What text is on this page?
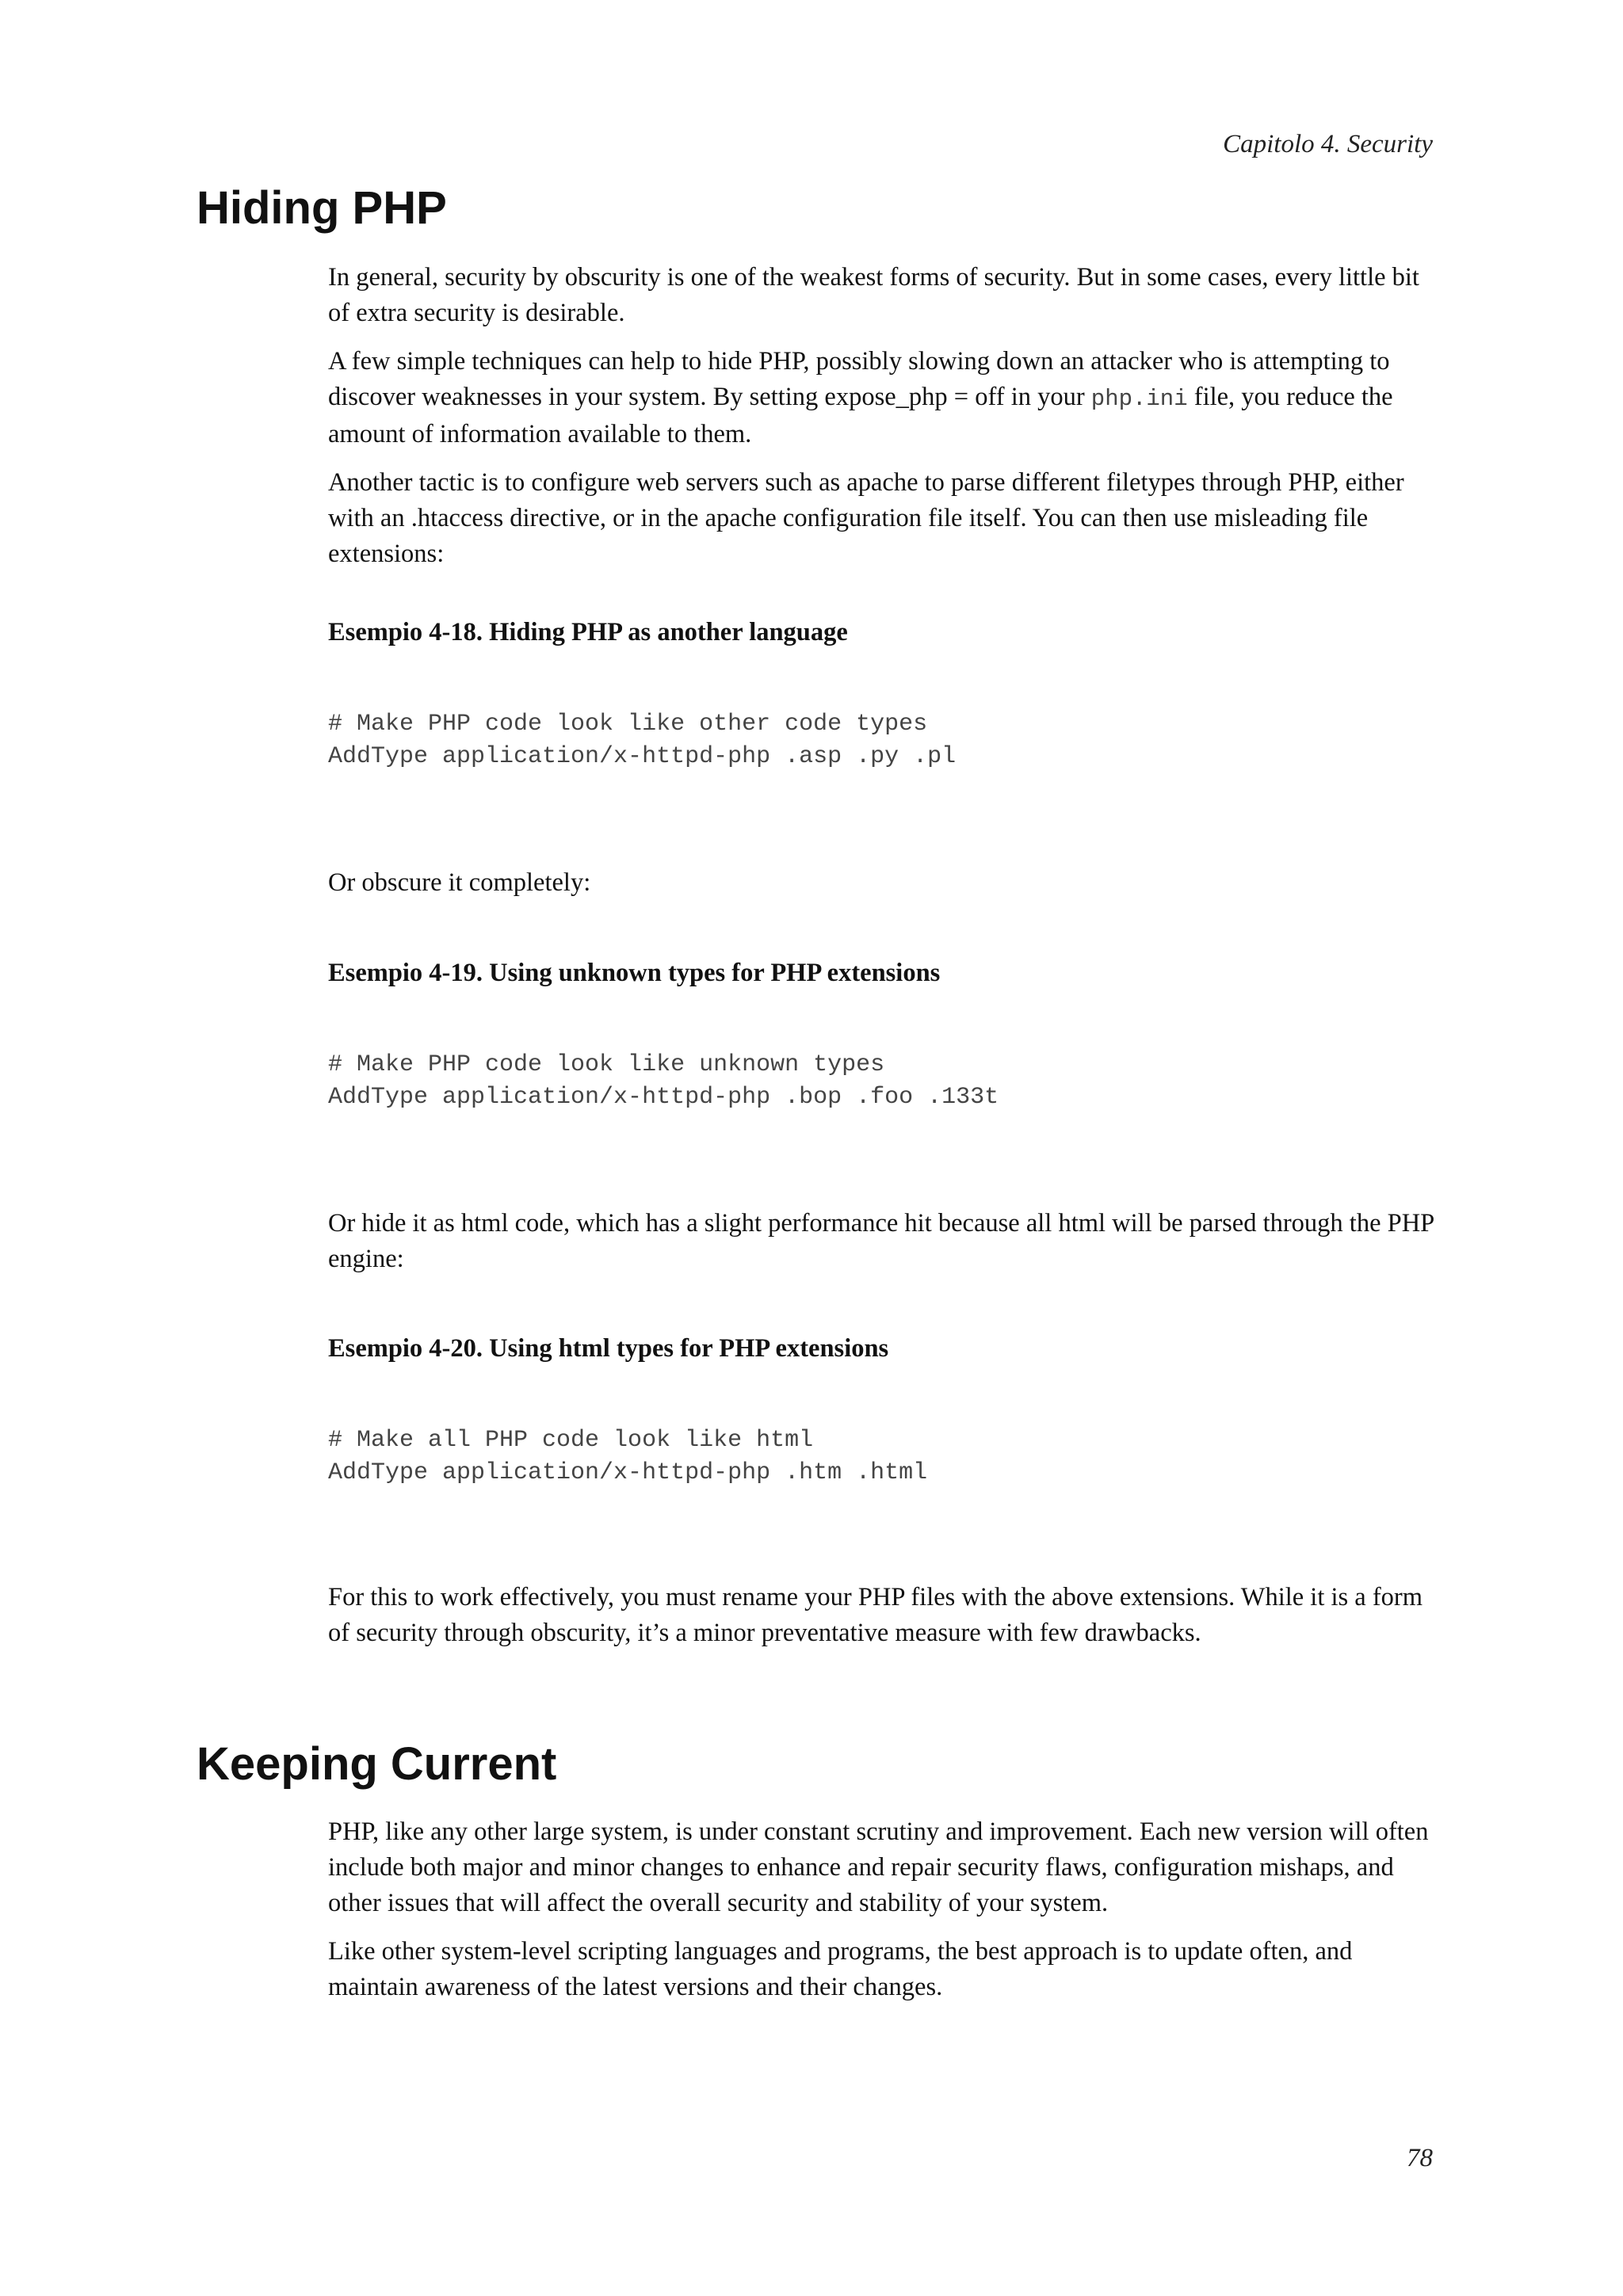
Capitolo 4. Security
Hiding PHP

In general, security by obscurity is one of the weakest forms of security. But in some cases, every little bit of extra security is desirable.

A few simple techniques can help to hide PHP, possibly slowing down an attacker who is attempting to discover weaknesses in your system. By setting expose_php = off in your php.ini file, you reduce the amount of information available to them.

Another tactic is to configure web servers such as apache to parse different filetypes through PHP, either with an .htaccess directive, or in the apache configuration file itself. You can then use misleading file extensions:

Esempio 4-18. Hiding PHP as another language
# Make PHP code look like other code types
AddType application/x-httpd-php .asp .py .pl

Or obscure it completely:

Esempio 4-19. Using unknown types for PHP extensions
# Make PHP code look like unknown types
AddType application/x-httpd-php .bop .foo .133t

Or hide it as html code, which has a slight performance hit because all html will be parsed through the PHP engine:

Esempio 4-20. Using html types for PHP extensions
# Make all PHP code look like html
AddType application/x-httpd-php .htm .html

For this to work effectively, you must rename your PHP files with the above extensions. While it is a form of security through obscurity, it’s a minor preventative measure with few drawbacks.

Keeping Current

PHP, like any other large system, is under constant scrutiny and improvement. Each new version will often include both major and minor changes to enhance and repair security flaws, configuration mishaps, and other issues that will affect the overall security and stability of your system.

Like other system-level scripting languages and programs, the best approach is to update often, and maintain awareness of the latest versions and their changes.

78
